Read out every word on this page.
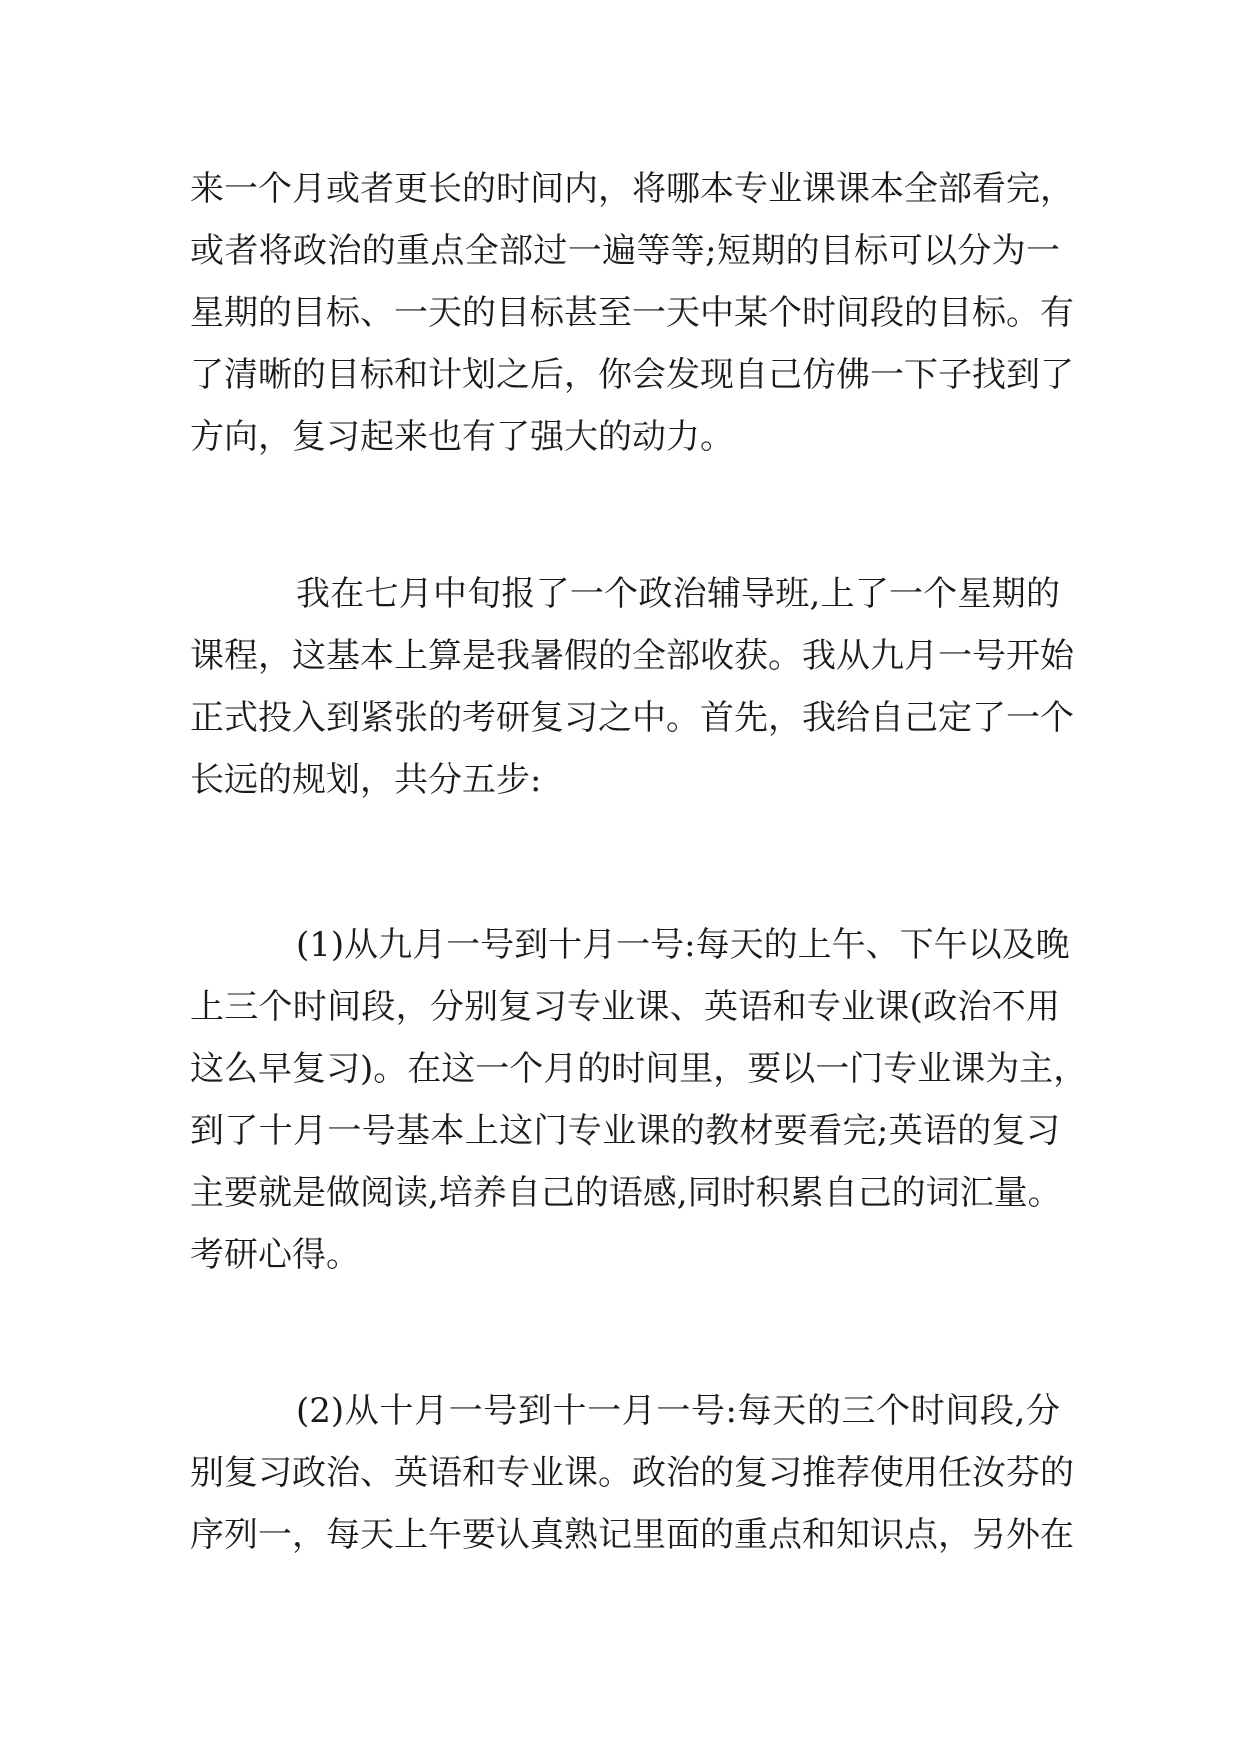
来一个月或者更长的时间内，将哪本专业课课本全部看完，
或者将政治的重点全部过一遍等等;短期的目标可以分为一
星期的目标、一天的目标甚至一天中某个时间段的目标。有
了清晰的目标和计划之后，你会发现自己仿佛一下子找到了
方向，复习起来也有了强大的动力。
我在七月中旬报了一个政治辅导班,上了一个星期的
课程，这基本上算是我暑假的全部收获。我从九月一号开始
正式投入到紧张的考研复习之中。首先，我给自己定了一个
长远的规划，共分五步:
(1)从九月一号到十月一号:每天的上午、下午以及晚
上三个时间段，分别复习专业课、英语和专业课(政治不用
这么早复习)。在这一个月的时间里，要以一门专业课为主，
到了十月一号基本上这门专业课的教材要看完;英语的复习
主要就是做阅读,培养自己的语感,同时积累自己的词汇量。
考研心得。
(2)从十月一号到十一月一号:每天的三个时间段,分
别复习政治、英语和专业课。政治的复习推荐使用任汝芬的
序列一，每天上午要认真熟记里面的重点和知识点，另外在
